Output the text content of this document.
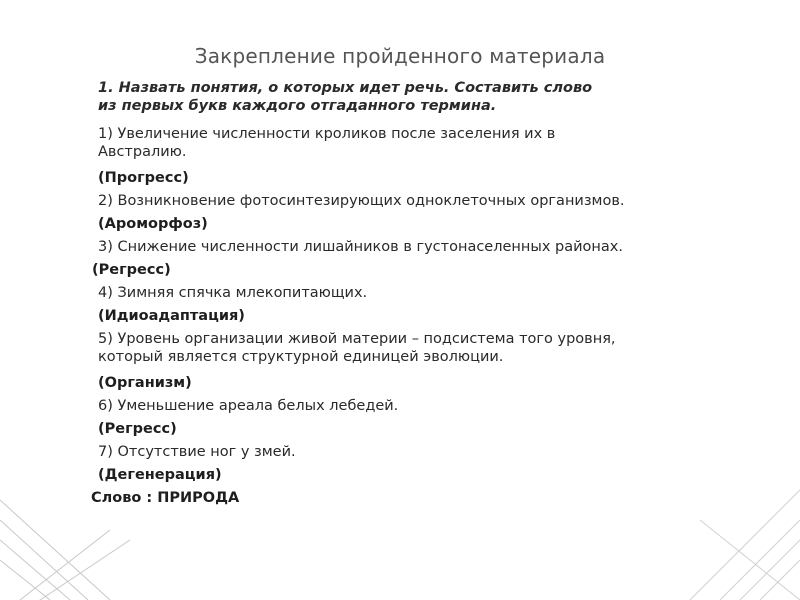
Закрепление пройденного материала
1. Назвать понятия, о которых идет речь. Составить слово
из первых букв каждого отгаданного термина.
1) Увеличение численности кроликов после заселения их в
Австралию.
(Прогресс)
2) Возникновение фотосинтезирующих одноклеточных организмов.
(Ароморфоз)
3) Снижение численности лишайников в густонаселенных районах.
(Регресс)
4) Зимняя спячка млекопитающих.
(Идиоадаптация)
5) Уровень организации живой материи – подсистема того уровня,
который является структурной единицей эволюции.
(Организм)
6) Уменьшение ареала белых лебедей.
(Регресс)
7) Отсутствие ног у змей.
(Дегенерация)
Слово : ПРИРОДА
